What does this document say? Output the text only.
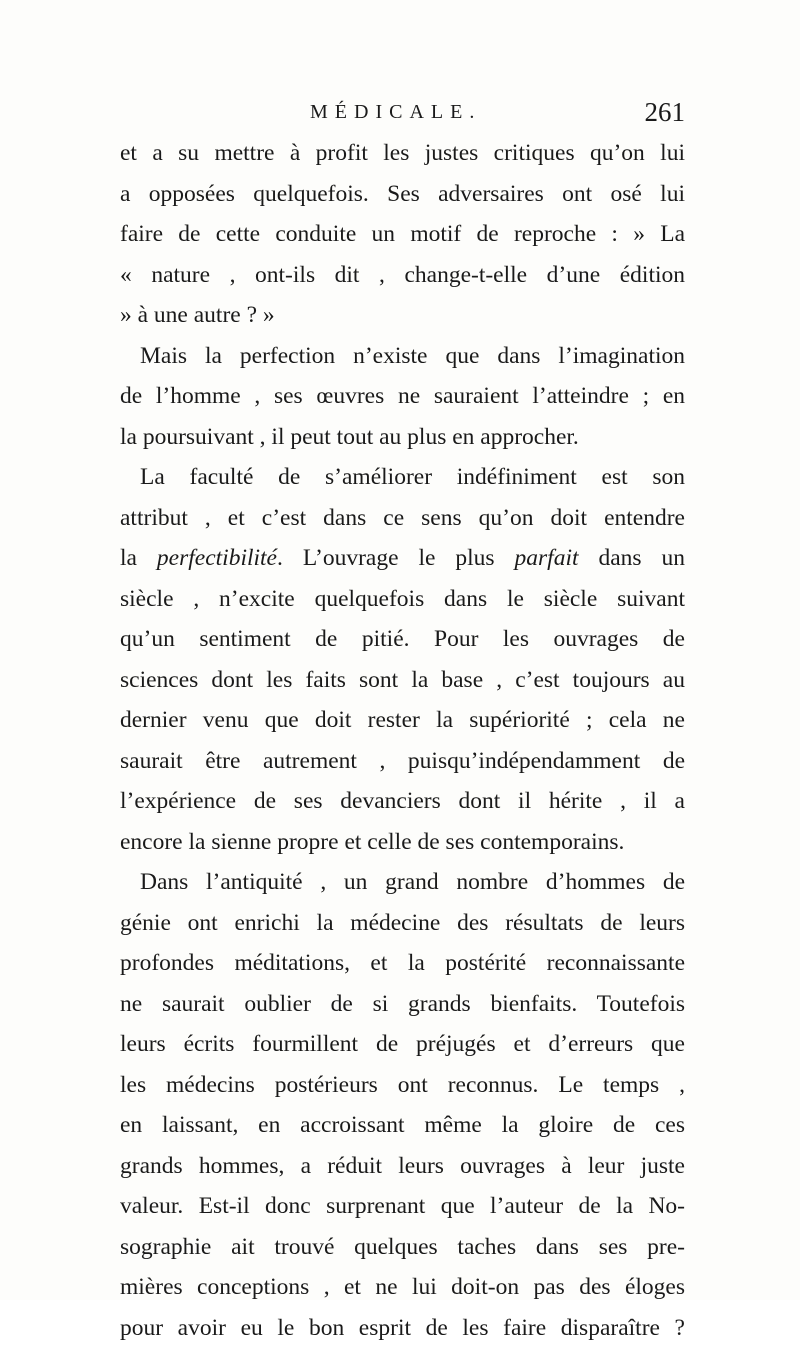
MÉDICALE.	261
et a su mettre à profit les justes critiques qu’on lui
a opposées quelquefois. Ses adversaires ont osé lui
faire de cette conduite un motif de reproche : » La
« nature , ont-ils dit , change-t-elle d’une édition
» à une autre ? »
Mais la perfection n’existe que dans l’imagination
de l’homme , ses œuvres ne sauraient l’atteindre ; en
la poursuivant , il peut tout au plus en approcher.
La faculté de s’améliorer indéfiniment est son
attribut , et c’est dans ce sens qu’on doit entendre
la perfectibilité. L’ouvrage le plus parfait dans un
siècle , n’excite quelquefois dans le siècle suivant
qu’un sentiment de pitié. Pour les ouvrages de
sciences dont les faits sont la base , c’est toujours au
dernier venu que doit rester la supériorité ; cela ne
saurait être autrement , puisqu’indépendamment de
l’expérience de ses devanciers dont il hérite , il a
encore la sienne propre et celle de ses contemporains.
Dans l’antiquité , un grand nombre d’hommes de
génie ont enrichi la médecine des résultats de leurs
profondes méditations, et la postérité reconnaissante
ne saurait oublier de si grands bienfaits. Toutefois
leurs écrits fourmillent de préjugés et d’erreurs que
les médecins postérieurs ont reconnus. Le temps ,
en laissant, en accroissant même la gloire de ces
grands hommes, a réduit leurs ouvrages à leur juste
valeur. Est-il donc surprenant que l’auteur de la No-
sographie ait trouvé quelques taches dans ses pre-
mières conceptions , et ne lui doit-on pas des éloges
pour avoir eu le bon esprit de les faire disparaître ?
